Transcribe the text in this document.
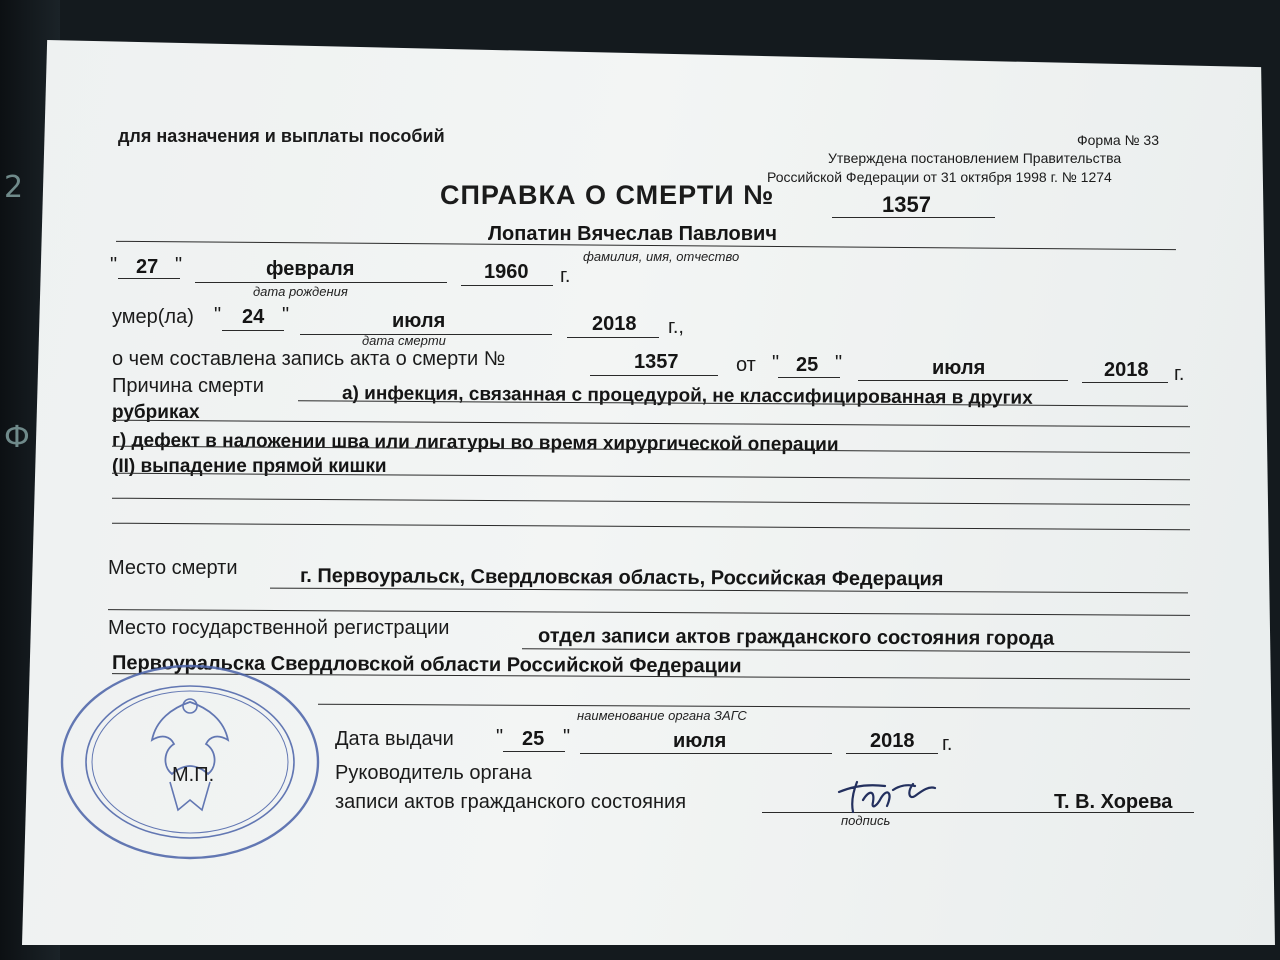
2
Ф
для назначения и выплаты пособий	Форма № 33
Утверждена постановлением Правительства
Российской Федерации от 31 октября 1998 г. № 1274
СПРАВКА О СМЕРТИ №	1357
Лопатин Вячеслав Павлович
фамилия, имя, отчество
" 27 "	февраля	1960 г.
дата рождения
умер(ла) " 24 "	июля	2018 г.,
дата смерти
о чем составлена запись акта о смерти №	1357	от " 25 "	июля	2018 г.
Причина смерти	а) инфекция, связанная с процедурой, не классифицированная в других
рубриках
г) дефект в наложении шва или лигатуры во время хирургической операции
(II) выпадение прямой кишки
Место смерти	г. Первоуральск, Свердловская область, Российская Федерация
Место государственной регистрации	отдел записи актов гражданского состояния города
Первоуральска Свердловской области Российской Федерации
наименование органа ЗАГС
М.П.
Дата выдачи " 25 "	июля	2018 г.
Руководитель органа
записи актов гражданского состояния
подпись
Т. В. Хорева
